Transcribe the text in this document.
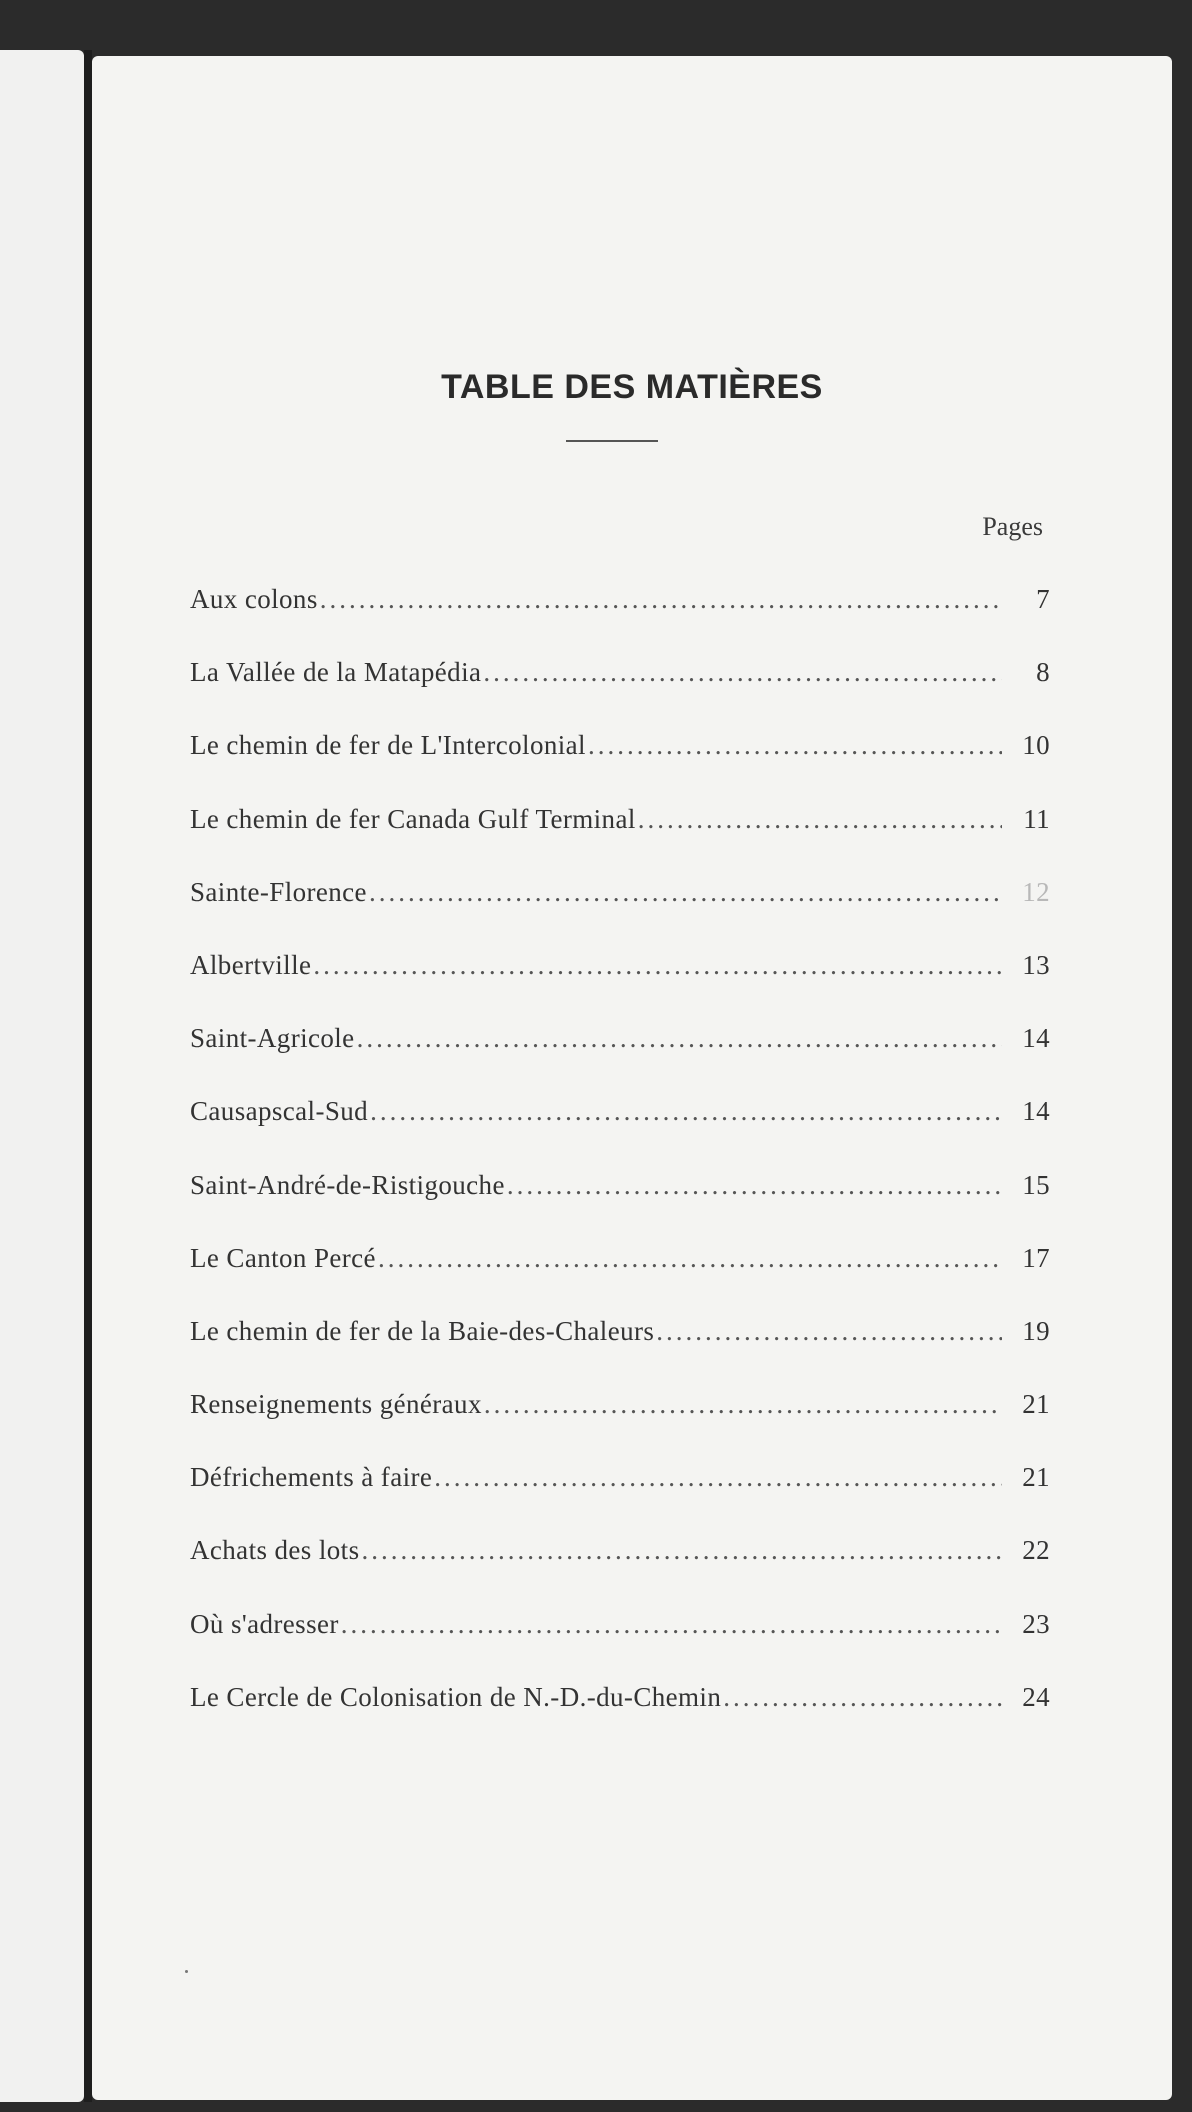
TABLE DES MATIÈRES
Pages
Aux colons .....	7
La Vallée de la Matapédia .....	8
Le chemin de fer de L'Intercolonial .....	10
Le chemin de fer Canada Gulf Terminal .....	11
Sainte-Florence .....	12
Albertville .....	13
Saint-Agricole .....	14
Causapscal-Sud .....	14
Saint-André-de-Ristigouche .....	15
Le Canton Percé .....	17
Le chemin de fer de la Baie-des-Chaleurs .....	19
Renseignements généraux .....	21
Défrichements à faire .....	21
Achats des lots .....	22
Où s'adresser .....	23
Le Cercle de Colonisation de N.-D.-du-Chemin .....	24
